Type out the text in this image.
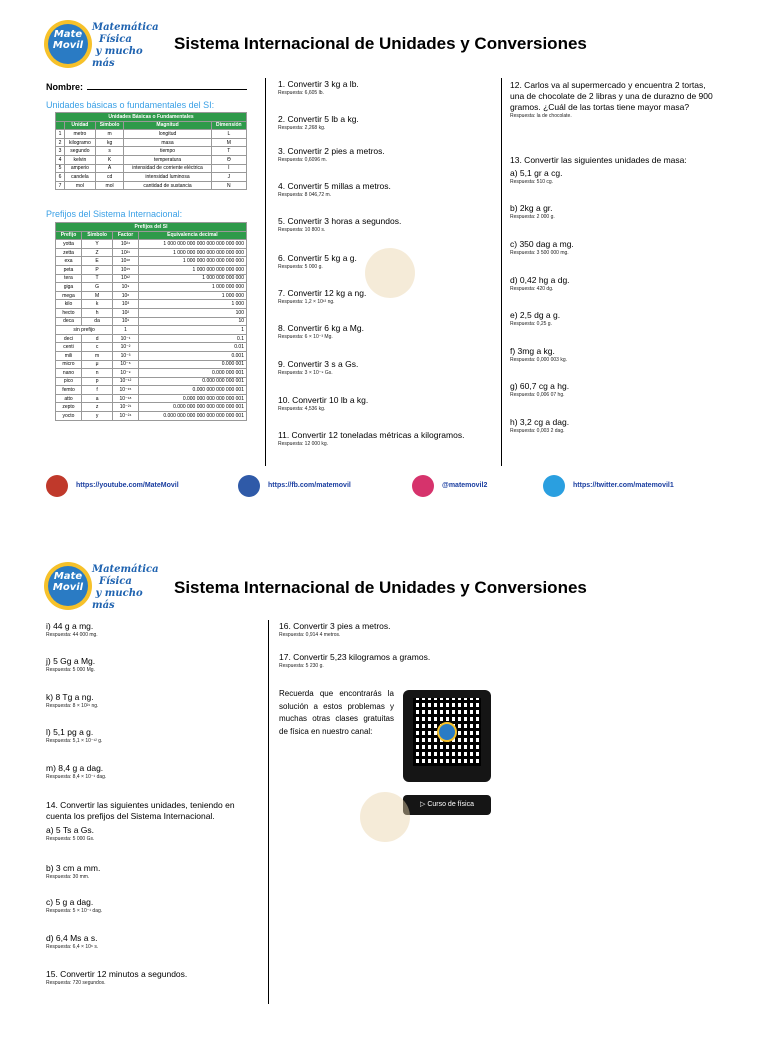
Mate
Movil
Matemática
Física
y mucho más
Sistema Internacional de Unidades y Conversiones
Nombre:
Unidades básicas o fundamentales del SI:
Unidades Básicas o Fundamentales				
	Unidad	Símbolo	Magnitud	Dimensión
1	metro	m	longitud	L
2	kilogramo	kg	masa	M
3	segundo	s	tiempo	T
4	kelvin	K	temperatura	Θ
5	amperio	A	intensidad de corriente eléctrica	I
6	candela	cd	intensidad luminosa	J
7	mol	mol	cantidad de sustancia	N
Prefijos del Sistema Internacional:
Prefijos del SI			
Prefijo	Símbolo	Factor	Equivalencia decimal
yotta	Y	10²⁴	1 000 000 000 000 000 000 000 000
zetta	Z	10²¹	1 000 000 000 000 000 000 000
exa	E	10¹⁸	1 000 000 000 000 000 000
peta	P	10¹⁵	1 000 000 000 000 000
tera	T	10¹²	1 000 000 000 000
giga	G	10⁹	1 000 000 000
mega	M	10⁶	1 000 000
kilo	k	10³	1 000
hecto	h	10²	100
deca	da	10¹	10
sin prefijo		1	1
deci	d	10⁻¹	0.1
centi	c	10⁻²	0.01
mili	m	10⁻³	0.001
micro	μ	10⁻⁶	0.000 001
nano	n	10⁻⁹	0.000 000 001
pico	p	10⁻¹²	0.000 000 000 001
femto	f	10⁻¹⁵	0.000 000 000 000 001
atto	a	10⁻¹⁸	0.000 000 000 000 000 001
zepto	z	10⁻²¹	0.000 000 000 000 000 000 001
yocto	y	10⁻²⁴	0.000 000 000 000 000 000 000 001
1. Convertir 3 kg a lb.
Respuesta: 6,605 lb.
2. Convertir 5 lb a kg.
Respuesta: 2,268 kg.
3. Convertir 2 pies a metros.
Respuesta: 0,6096 m.
4. Convertir 5 millas a metros.
Respuesta: 8 046,72 m.
5. Convertir 3 horas a segundos.
Respuesta: 10 800 s.
6. Convertir 5 kg a g.
Respuesta: 5 000 g.
7. Convertir 12 kg a ng.
Respuesta: 1,2 × 10¹³ ng.
8. Convertir 6 kg a Mg.
Respuesta: 6 × 10⁻³ Mg.
9. Convertir 3 s a Gs.
Respuesta: 3 × 10⁻⁹ Gs.
10. Convertir 10 lb a kg.
Respuesta: 4,536 kg.
11. Convertir 12 toneladas métricas a kilogramos.
Respuesta: 12 000 kg.
12. Carlos va al supermercado y encuentra 2 tortas, una de chocolate de 2 libras y una de durazno de 900 gramos. ¿Cuál de las tortas tiene mayor masa?
Respuesta: la de chocolate.
13. Convertir las siguientes unidades de masa:
a) 5,1 gr a cg.
Respuesta: 510 cg.
b) 2kg a gr.
Respuesta: 2 000 g.
c) 350 dag a mg.
Respuesta: 3 500 000 mg.
d) 0,42 hg a dg.
Respuesta: 420 dg.
e) 2,5 dg a g.
Respuesta: 0,25 g.
f) 3mg a kg.
Respuesta: 0,000 003 kg.
g) 60,7 cg a hg.
Respuesta: 0,006 07 hg.
h) 3,2 cg a dag.
Respuesta: 0,003 2 dag.
https://youtube.com/MateMovil	https://fb.com/matemovil	@matemovil2	https://twitter.com/matemovil1
Mate
Movil
Matemática
Física
y mucho más
Sistema Internacional de Unidades y Conversiones
i) 44 g a mg.
Respuesta: 44 000 mg.
j) 5 Gg a Mg.
Respuesta: 5 000 Mg.
k) 8 Tg a ng.
Respuesta: 8 × 10²¹ ng.
l) 5,1 pg a g.
Respuesta: 5,1 × 10⁻¹² g.
m) 8,4 g a dag.
Respuesta: 8,4 × 10⁻¹ dag.
14. Convertir las siguientes unidades, teniendo en cuenta los prefijos del Sistema Internacional.
a) 5 Ts a Gs.
Respuesta: 5 000 Gs.
b) 3 cm a mm.
Respuesta: 30 mm.
c) 5 g a dag.
Respuesta: 5 × 10⁻¹ dag.
d) 6,4 Ms a s.
Respuesta: 6,4 × 10⁶ s.
15. Convertir 12 minutos a segundos.
Respuesta: 720 segundos.
16. Convertir 3 pies a metros.
Respuesta: 0,914 4 metros.
17. Convertir 5,23 kilogramos a gramos.
Respuesta: 5 230 g.
Recuerda que encontrarás la solución a estos problemas y muchas otras clases gratuitas de física en nuestro canal:
▷ Curso de física
